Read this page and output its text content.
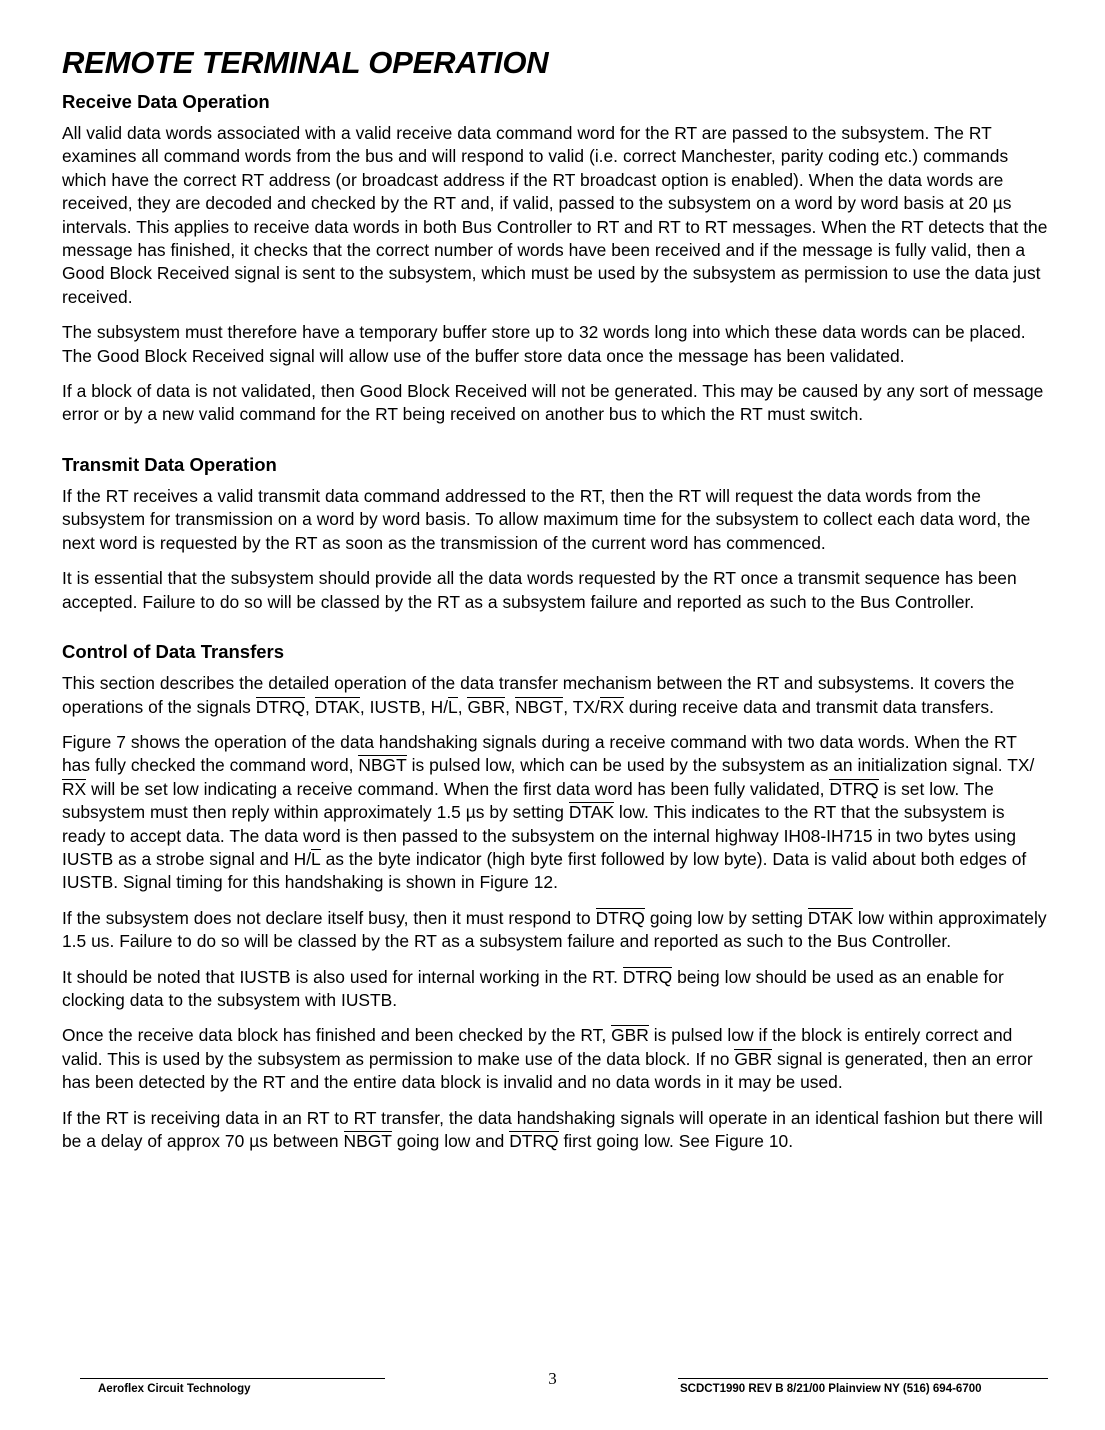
REMOTE TERMINAL OPERATION
Receive Data Operation

All valid data words associated with a valid receive data command word for the RT are passed to the subsystem. The RT examines all command words from the bus and will respond to valid (i.e. correct Manchester, parity coding etc.) commands which have the correct RT address (or broadcast address if the RT broadcast option is enabled). When the data words are received, they are decoded and checked by the RT and, if valid, passed to the subsystem on a word by word basis at 20 µs intervals. This applies to receive data words in both Bus Controller to RT and RT to RT messages. When the RT detects that the message has finished, it checks that the correct number of words have been received and if the message is fully valid, then a Good Block Received signal is sent to the subsystem, which must be used by the subsystem as permission to use the data just received.

The subsystem must therefore have a temporary buffer store up to 32 words long into which these data words can be placed. The Good Block Received signal will allow use of the buffer store data once the message has been validated.

If a block of data is not validated, then Good Block Received will not be generated. This may be caused by any sort of message error or by a new valid command for the RT being received on another bus to which the RT must switch.

Transmit Data Operation

If the RT receives a valid transmit data command addressed to the RT, then the RT will request the data words from the subsystem for transmission on a word by word basis. To allow maximum time for the subsystem to collect each data word, the next word is requested by the RT as soon as the transmission of the current word has commenced.

It is essential that the subsystem should provide all the data words requested by the RT once a transmit sequence has been accepted. Failure to do so will be classed by the RT as a subsystem failure and reported as such to the Bus Controller.

Control of Data Transfers

This section describes the detailed operation of the data transfer mechanism between the RT and subsystems. It covers the operations of the signals DTRQ, DTAK, IUSTB, H/L, GBR, NBGT, TX/RX during receive data and transmit data transfers.

Figure 7 shows the operation of the data handshaking signals during a receive command with two data words. When the RT has fully checked the command word, NBGT is pulsed low, which can be used by the subsystem as an initialization signal. TX/RX will be set low indicating a receive command. When the first data word has been fully validated, DTRQ is set low. The subsystem must then reply within approximately 1.5 µs by setting DTAK low. This indicates to the RT that the subsystem is ready to accept data. The data word is then passed to the subsystem on the internal highway IH08-IH715 in two bytes using IUSTB as a strobe signal and H/L as the byte indicator (high byte first followed by low byte). Data is valid about both edges of IUSTB. Signal timing for this handshaking is shown in Figure 12.

If the subsystem does not declare itself busy, then it must respond to DTRQ going low by setting DTAK low within approximately 1.5 us. Failure to do so will be classed by the RT as a subsystem failure and reported as such to the Bus Controller.

It should be noted that IUSTB is also used for internal working in the RT. DTRQ being low should be used as an enable for clocking data to the subsystem with IUSTB.

Once the receive data block has finished and been checked by the RT, GBR is pulsed low if the block is entirely correct and valid. This is used by the subsystem as permission to make use of the data block. If no GBR signal is generated, then an error has been detected by the RT and the entire data block is invalid and no data words in it may be used.

If the RT is receiving data in an RT to RT transfer, the data handshaking signals will operate in an identical fashion but there will be a delay of approx 70 µs between NBGT going low and DTRQ first going low. See Figure 10.

3
Aeroflex Circuit Technology	SCDCT1990 REV B 8/21/00 Plainview NY (516) 694-6700
